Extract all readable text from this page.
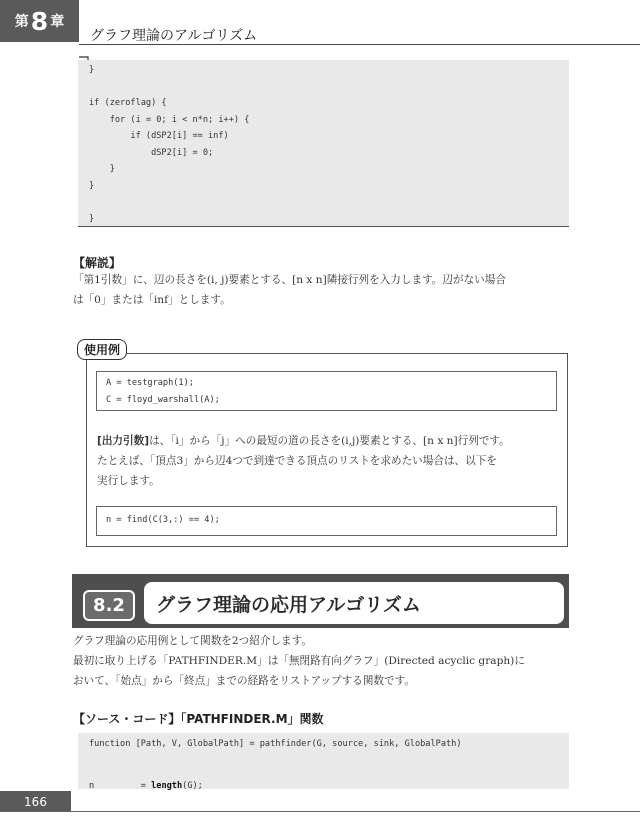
第 8 章
グラフ理論のアルゴリズム
}

if (zeroflag) {
for (i = 0; i < n*n; i++) {
if (dSP2[i] == inf)
dSP2[i] = 0;
}
}

}
【解説】

「第1引数」に、辺の長さを(i, j)要素とする、[n x n]隣接行列を入力します。辺がない場合
は「0」または「inf」とします。

使用例
A = testgraph(1);
C = floyd_warshall(A);

[出力引数]は、「i」から「j」への最短の道の長さを(i,j)要素とする、[n x n]行列です。
たとえば、「頂点3」から辺4つで到達できる頂点のリストを求めたい場合は、以下を
実行します。

n = find(C(3,:) == 4);
8.2	グラフ理論の応用アルゴリズム

グラフ理論の応用例として関数を2つ紹介します。
最初に取り上げる「PATHFINDER.M」は「無閉路有向グラフ」(Directed acyclic graph)に
おいて、「始点」から「終点」までの経路をリストアップする関数です。

【ソース・コード】「PATHFINDER.M」関数
function [Path, V, GlobalPath] = pathfinder(G, source, sink, GlobalPath)

n         = length(G);
166
